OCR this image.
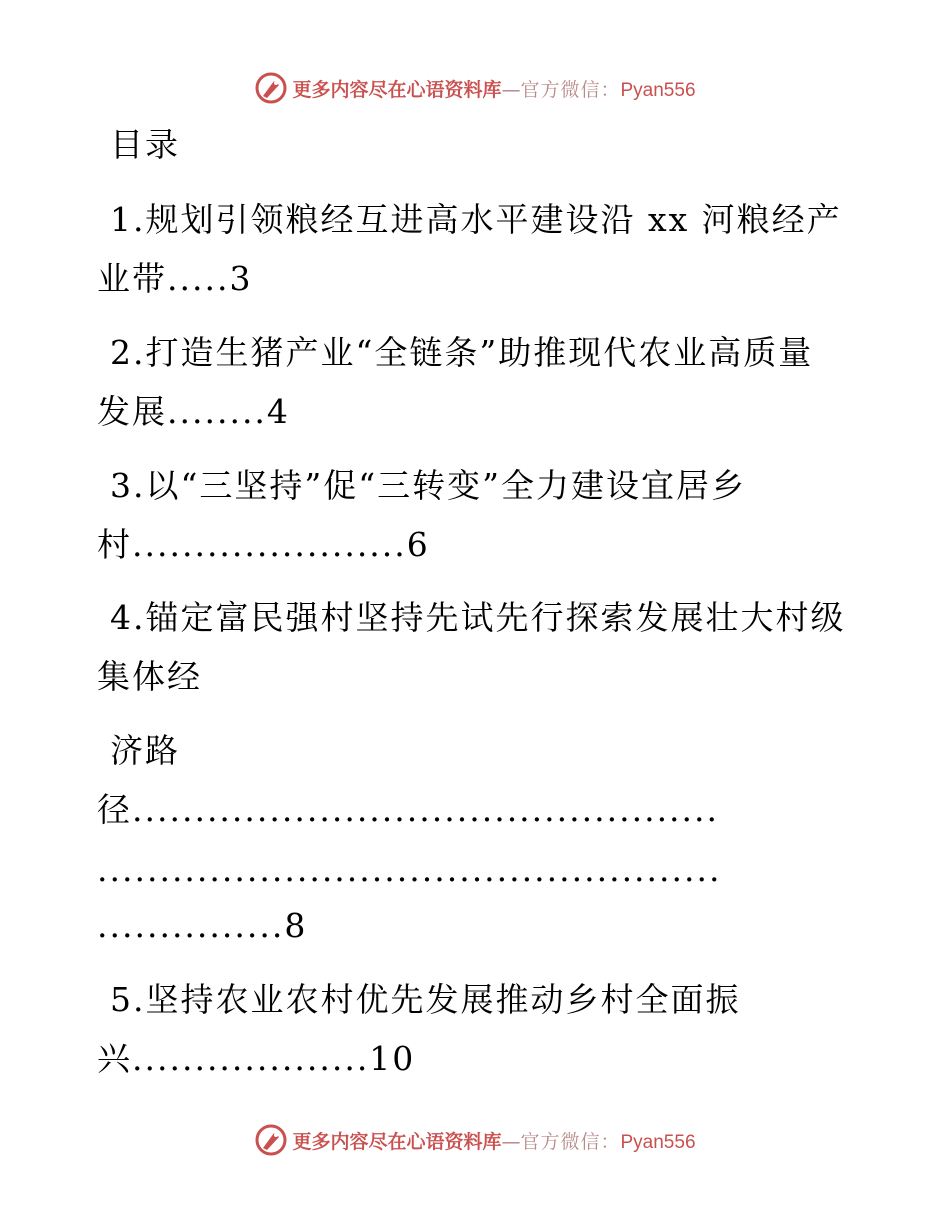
更多内容尽在心语资料库—官方微信：Pyan556
目录
1.规划引领粮经互进高水平建设沿 xx 河粮经产
业带.....3
2.打造生猪产业“全链条”助推现代农业高质量
发展........4
3.以“三坚持”促“三转变”全力建设宜居乡
村......................6
4.锚定富民强村坚持先试先行探索发展壮大村级
集体经
济路
径...............................................
..................................................
...............8
5.坚持农业农村优先发展推动乡村全面振
兴...................10
更多内容尽在心语资料库—官方微信：Pyan556
